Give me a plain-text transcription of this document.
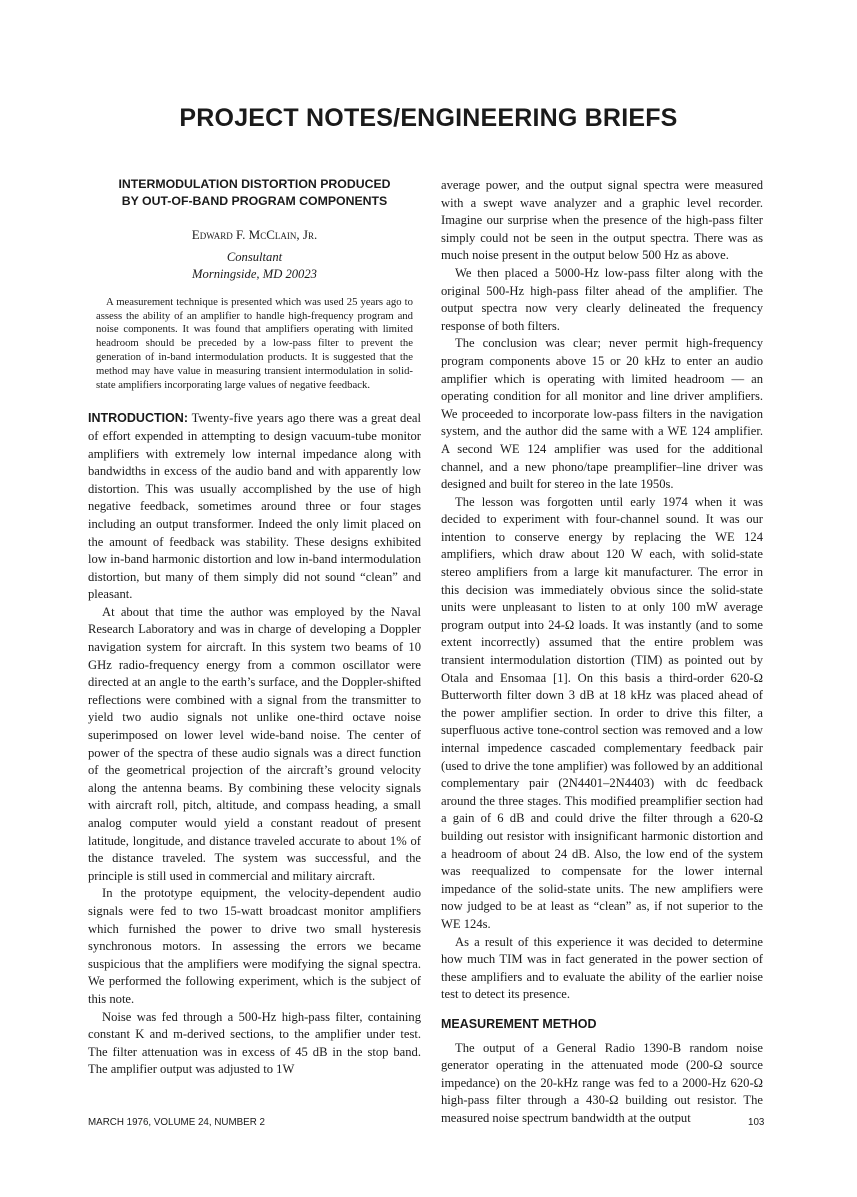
PROJECT NOTES/ENGINEERING BRIEFS
INTERMODULATION DISTORTION PRODUCED
BY OUT-OF-BAND PROGRAM COMPONENTS
Edward F. McClain, Jr.
Consultant
Morningside, MD 20023

A measurement technique is presented which was used 25 years ago to assess the ability of an amplifier to handle high-frequency program and noise components. It was found that amplifiers operating with limited headroom should be preceded by a low-pass filter to prevent the generation of in-band intermodulation products. It is suggested that the method may have value in measuring transient intermodulation in solid-state amplifiers incorporating large values of negative feedback.

INTRODUCTION: Twenty-five years ago there was a great deal of effort expended in attempting to design vacuum-tube monitor amplifiers with extremely low internal impedance along with bandwidths in excess of the audio band and with apparently low distortion. This was usually accomplished by the use of high negative feedback, sometimes around three or four stages including an output transformer. Indeed the only limit placed on the amount of feedback was stability. These designs exhibited low in-band harmonic distortion and low in-band intermodulation distortion, but many of them simply did not sound “clean” and pleasant.

At about that time the author was employed by the Naval Research Laboratory and was in charge of developing a Doppler navigation system for aircraft. In this system two beams of 10 GHz radio-frequency energy from a common oscillator were directed at an angle to the earth’s surface, and the Doppler-shifted reflections were combined with a signal from the transmitter to yield two audio signals not unlike one-third octave noise superimposed on lower level wide-band noise. The center of power of the spectra of these audio signals was a direct function of the geometrical projection of the aircraft’s ground velocity along the antenna beams. By combining these velocity signals with aircraft roll, pitch, altitude, and compass heading, a small analog computer would yield a constant readout of present latitude, longitude, and distance traveled accurate to about 1% of the distance traveled. The system was successful, and the principle is still used in commercial and military aircraft.

In the prototype equipment, the velocity-dependent audio signals were fed to two 15-watt broadcast monitor amplifiers which furnished the power to drive two small hysteresis synchronous motors. In assessing the errors we became suspicious that the amplifiers were modifying the signal spectra. We performed the following experiment, which is the subject of this note.

Noise was fed through a 500-Hz high-pass filter, containing constant K and m-derived sections, to the amplifier under test. The filter attenuation was in excess of 45 dB in the stop band. The amplifier output was adjusted to 1W

average power, and the output signal spectra were measured with a swept wave analyzer and a graphic level recorder. Imagine our surprise when the presence of the high-pass filter simply could not be seen in the output spectra. There was as much noise present in the output below 500 Hz as above.

We then placed a 5000-Hz low-pass filter along with the original 500-Hz high-pass filter ahead of the amplifier. The output spectra now very clearly delineated the frequency response of both filters.

The conclusion was clear; never permit high-frequency program components above 15 or 20 kHz to enter an audio amplifier which is operating with limited headroom — an operating condition for all monitor and line driver amplifiers. We proceeded to incorporate low-pass filters in the navigation system, and the author did the same with a WE 124 amplifier. A second WE 124 amplifier was used for the additional channel, and a new phono/tape preamplifier–line driver was designed and built for stereo in the late 1950s.

The lesson was forgotten until early 1974 when it was decided to experiment with four-channel sound. It was our intention to conserve energy by replacing the WE 124 amplifiers, which draw about 120 W each, with solid-state stereo amplifiers from a large kit manufacturer. The error in this decision was immediately obvious since the solid-state units were unpleasant to listen to at only 100 mW average program output into 24-Ω loads. It was instantly (and to some extent incorrectly) assumed that the entire problem was transient intermodulation distortion (TIM) as pointed out by Otala and Ensomaa [1]. On this basis a third-order 620-Ω Butterworth filter down 3 dB at 18 kHz was placed ahead of the power amplifier section. In order to drive this filter, a superfluous active tone-control section was removed and a low internal impedence cascaded complementary feedback pair (used to drive the tone amplifier) was followed by an additional complementary pair (2N4401–2N4403) with dc feedback around the three stages. This modified preamplifier section had a gain of 6 dB and could drive the filter through a 620-Ω building out resistor with insignificant harmonic distortion and a headroom of about 24 dB. Also, the low end of the system was reequalized to compensate for the lower internal impedance of the solid-state units. The new amplifiers were now judged to be at least as “clean” as, if not superior to the WE 124s.

As a result of this experience it was decided to determine how much TIM was in fact generated in the power section of these amplifiers and to evaluate the ability of the earlier noise test to detect its presence.

MEASUREMENT METHOD

The output of a General Radio 1390-B random noise generator operating in the attenuated mode (200-Ω source impedance) on the 20-kHz range was fed to a 2000-Hz 620-Ω high-pass filter through a 430-Ω building out resistor. The measured noise spectrum bandwidth at the output

MARCH 1976, VOLUME 24, NUMBER 2	103
